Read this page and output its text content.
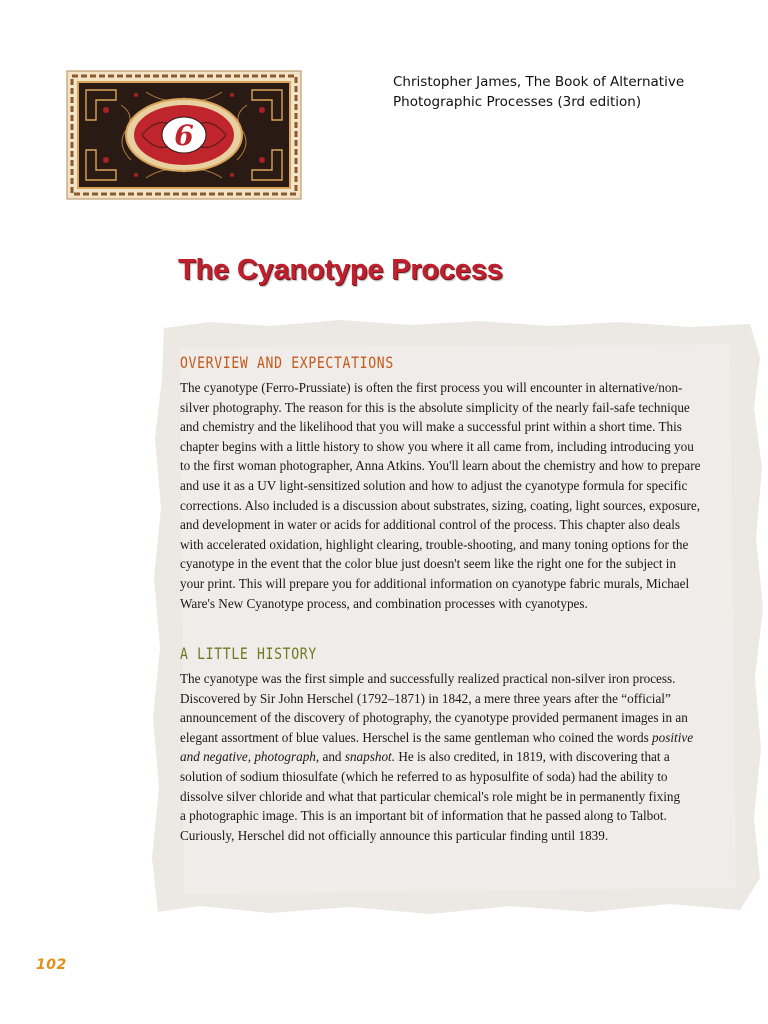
6
Christopher James, The Book of Alternative
Photographic Processes (3rd edition)
The Cyanotype Process
OVERVIEW AND EXPECTATIONS
The cyanotype (Ferro-Prussiate) is often the first process you will encounter in alternative/non-
silver photography. The reason for this is the absolute simplicity of the nearly fail-safe technique
and chemistry and the likelihood that you will make a successful print within a short time. This
chapter begins with a little history to show you where it all came from, including introducing you
to the first woman photographer, Anna Atkins. You'll learn about the chemistry and how to prepare
and use it as a UV light-sensitized solution and how to adjust the cyanotype formula for specific
corrections. Also included is a discussion about substrates, sizing, coating, light sources, exposure,
and development in water or acids for additional control of the process. This chapter also deals
with accelerated oxidation, highlight clearing, trouble-shooting, and many toning options for the
cyanotype in the event that the color blue just doesn't seem like the right one for the subject in
your print. This will prepare you for additional information on cyanotype fabric murals, Michael
Ware's New Cyanotype process, and combination processes with cyanotypes.
A LITTLE HISTORY
The cyanotype was the first simple and successfully realized practical non-silver iron process.
Discovered by Sir John Herschel (1792–1871) in 1842, a mere three years after the “official”
announcement of the discovery of photography, the cyanotype provided permanent images in an
elegant assortment of blue values. Herschel is the same gentleman who coined the words positive
and negative, photograph, and snapshot. He is also credited, in 1819, with discovering that a
solution of sodium thiosulfate (which he referred to as hyposulfite of soda) had the ability to
dissolve silver chloride and what that particular chemical's role might be in permanently fixing
a photographic image. This is an important bit of information that he passed along to Talbot.
Curiously, Herschel did not officially announce this particular finding until 1839.
102
